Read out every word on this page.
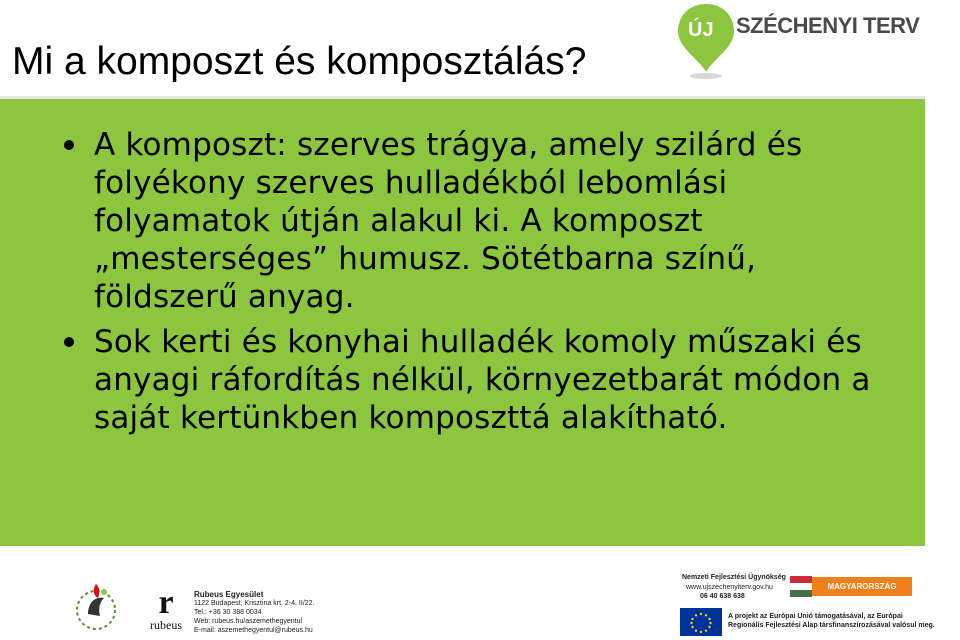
Mi a komposzt és komposztálás?
ÚJ SZÉCHENYI TERV
A komposzt: szerves trágya, amely szilárd és folyékony szerves hulladékból lebomlási folyamatok útján alakul ki. A komposzt „mesterséges” humusz. Sötétbarna színű, földszerű anyag.
Sok kerti és konyhai hulladék komoly műszaki és anyagi ráfordítás nélkül, környezetbarát módon a saját kertünkben komposzttá alakítható.
r
rubeus
Rubeus Egyesület
1122 Budapest, Krisztina krt. 2-4. II/22.
Tel.: +36 30 388 0034
Web: rubeus.hu/aszemethegyentul
E-mail: aszemethegyentul@rubeus.hu
Nemzeti Fejlesztési Ügynökség
www.ujszechenyiterv.gov.hu
06 40 638 638
MAGYARORSZÁG MEGÚJUL
A projekt az Európai Unió támogatásával, az Európai
Regionális Fejlesztési Alap társfinanszírozásával valósul meg.
